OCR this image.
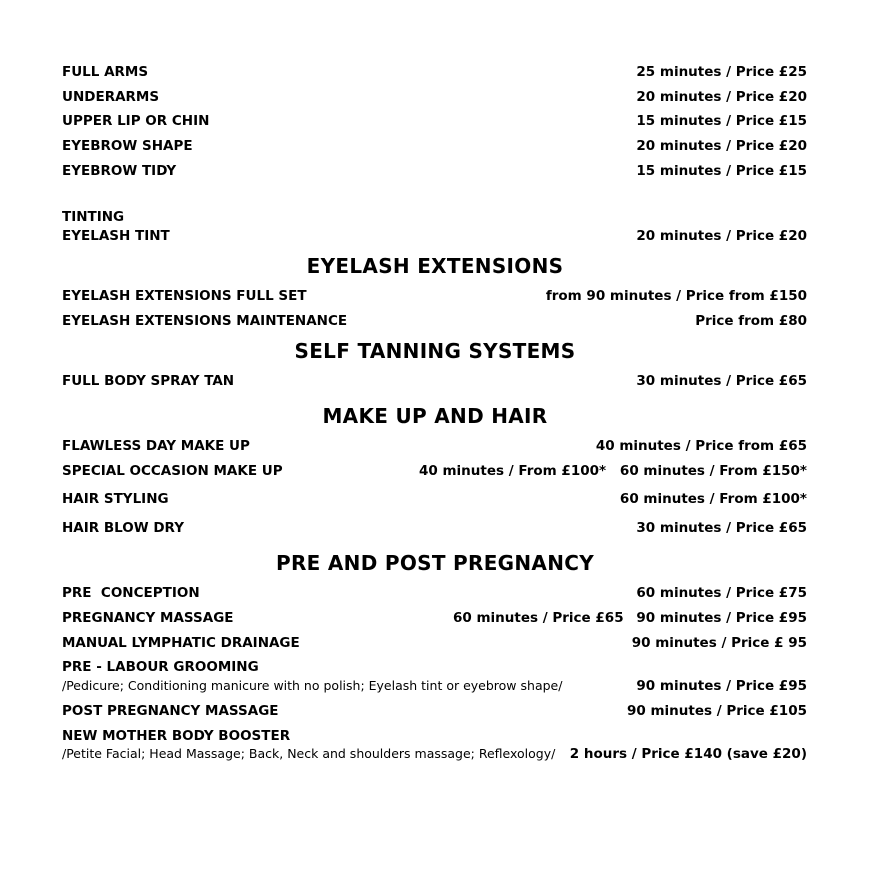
FULL ARMS	25 minutes / Price £25
UNDERARMS	20 minutes / Price £20
UPPER LIP OR CHIN	15 minutes / Price £15
EYEBROW SHAPE	20 minutes / Price £20
EYEBROW TIDY	15 minutes / Price £15
TINTING
EYELASH TINT	20 minutes / Price £20
EYELASH EXTENSIONS
EYELASH EXTENSIONS FULL SET	from 90 minutes / Price from £150
EYELASH EXTENSIONS MAINTENANCE	Price from £80
SELF TANNING SYSTEMS
FULL BODY SPRAY TAN	30 minutes / Price £65
MAKE UP AND HAIR
FLAWLESS DAY MAKE UP	40 minutes / Price from £65
SPECIAL OCCASION MAKE UP	40 minutes / From £100* 60 minutes / From £150*
HAIR STYLING	60 minutes / From £100*
HAIR BLOW DRY	30 minutes / Price £65
PRE AND POST PREGNANCY
PRE  CONCEPTION	60 minutes / Price £75
PREGNANCY MASSAGE	60 minutes / Price £65 90 minutes / Price £95
MANUAL LYMPHATIC DRAINAGE	90 minutes / Price £ 95
PRE - LABOUR GROOMING
/Pedicure; Conditioning manicure with no polish; Eyelash tint or eyebrow shape/	90 minutes / Price £95
POST PREGNANCY MASSAGE	90 minutes / Price £105
NEW MOTHER BODY BOOSTER
/Petite Facial; Head Massage; Back, Neck and shoulders massage; Reflexology/ 2 hours / Price £140 (save £20)
